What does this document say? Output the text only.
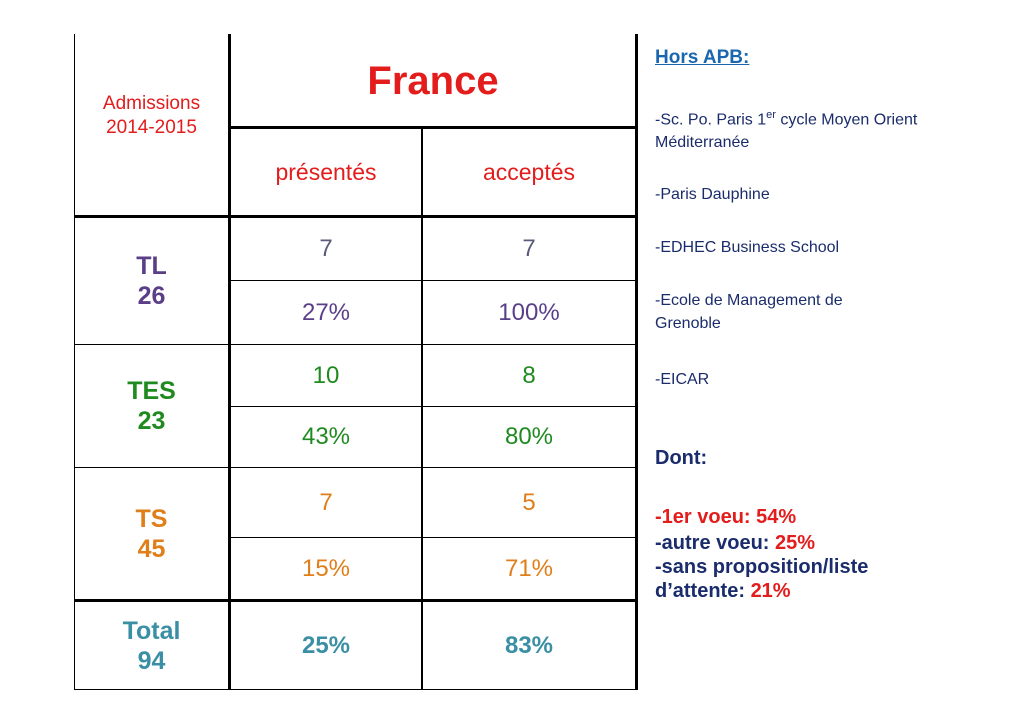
Admissions
2014-2015
France
présentés	acceptés
TL
26
7	7
27%	100%
TES
23
10	8
43%	80%
TS
45
7	5
15%	71%
Total
94
25%	83%
Hors APB:
-Sc. Po. Paris 1er cycle Moyen Orient Méditerranée
-Paris Dauphine
-EDHEC Business School
-Ecole de Management de Grenoble
-EICAR
Dont:
-1er voeu: 54%
-autre voeu: 25%
-sans proposition/liste d’attente: 21%
